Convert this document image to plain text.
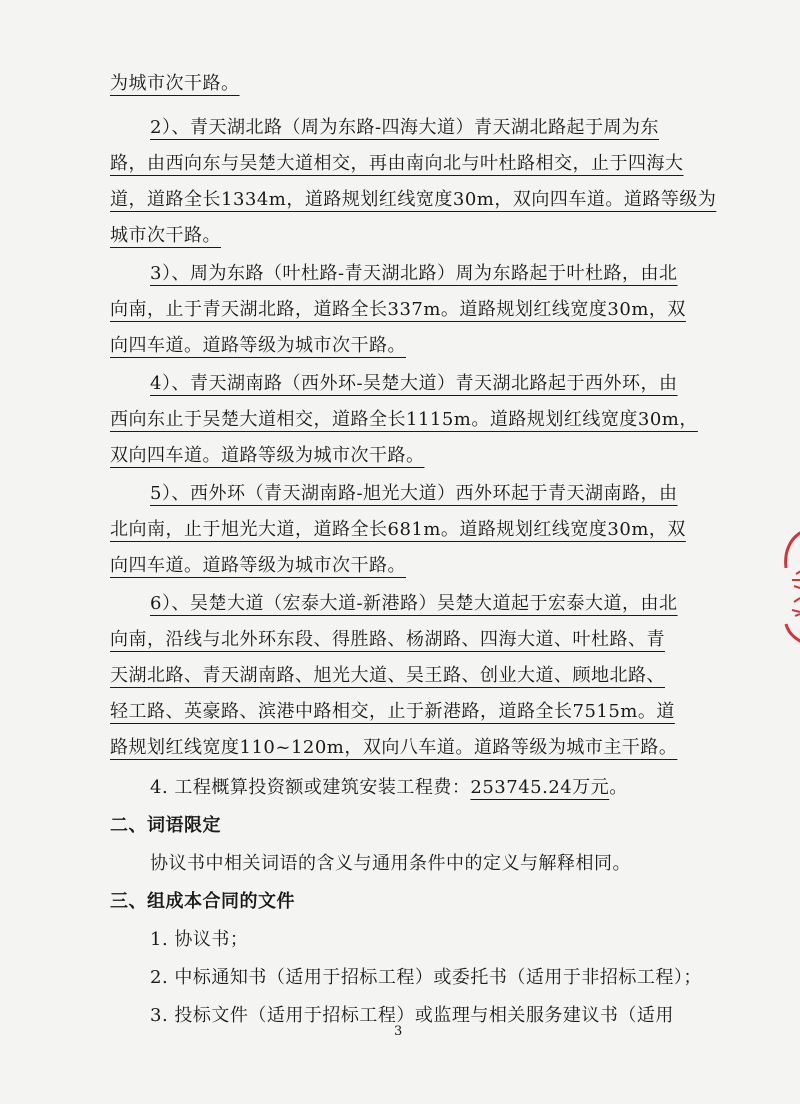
为城市次干路。
2）、青天湖北路（周为东路-四海大道）青天湖北路起于周为东
路，由西向东与吴楚大道相交，再由南向北与叶杜路相交，止于四海大
道，道路全长1334m，道路规划红线宽度30m，双向四车道。道路等级为
城市次干路。
3）、周为东路（叶杜路-青天湖北路）周为东路起于叶杜路，由北
向南，止于青天湖北路，道路全长337m。道路规划红线宽度30m，双
向四车道。道路等级为城市次干路。
4）、青天湖南路（西外环-吴楚大道）青天湖北路起于西外环，由
西向东止于吴楚大道相交，道路全长1115m。道路规划红线宽度30m，
双向四车道。道路等级为城市次干路。
5）、西外环（青天湖南路-旭光大道）西外环起于青天湖南路，由
北向南，止于旭光大道，道路全长681m。道路规划红线宽度30m，双
向四车道。道路等级为城市次干路。
6）、吴楚大道（宏泰大道-新港路）吴楚大道起于宏泰大道，由北
向南，沿线与北外环东段、得胜路、杨湖路、四海大道、叶杜路、青
天湖北路、青天湖南路、旭光大道、吴王路、创业大道、顾地北路、
轻工路、英豪路、滨港中路相交，止于新港路，道路全长7515m。道
路规划红线宽度110~120m，双向八车道。道路等级为城市主干路。
4. 工程概算投资额或建筑安装工程费：253745.24万元。
二、词语限定
协议书中相关词语的含义与通用条件中的定义与解释相同。
三、组成本合同的文件
1. 协议书；
2. 中标通知书（适用于招标工程）或委托书（适用于非招标工程）；
3. 投标文件（适用于招标工程）或监理与相关服务建议书（适用
3
